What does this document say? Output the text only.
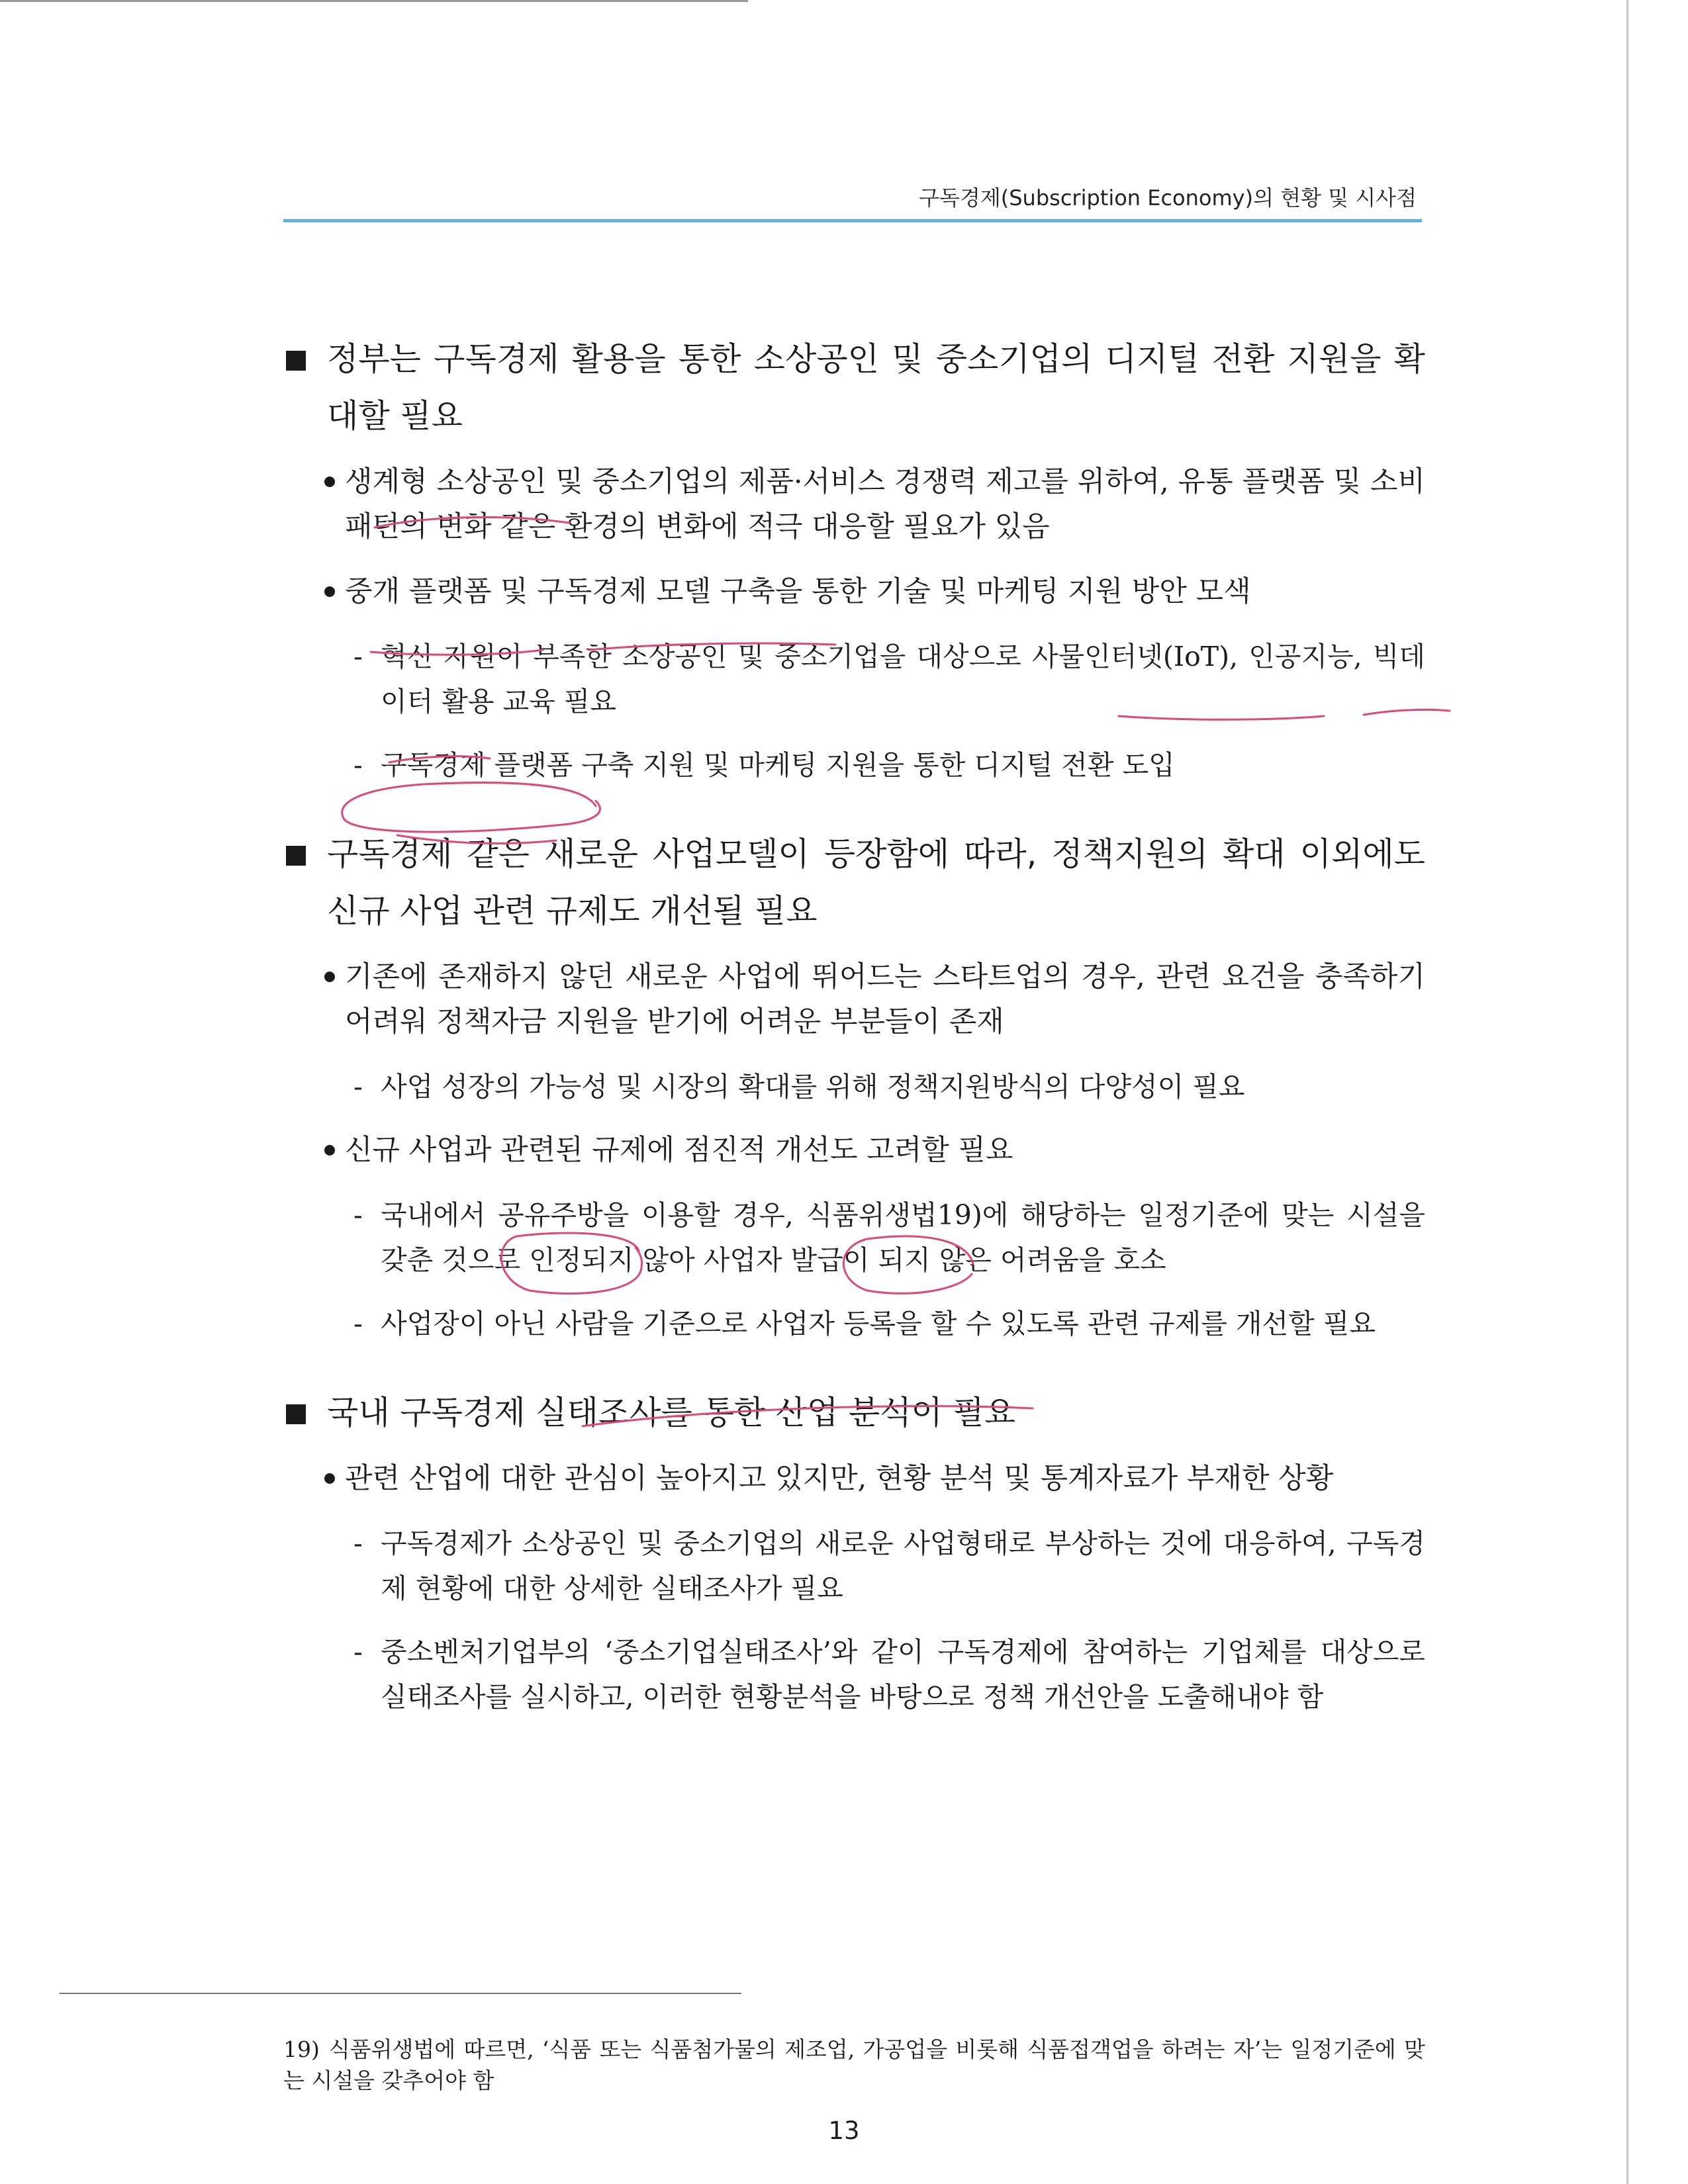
구독경제(Subscription Economy)의 현황 및 시사점

정부는 구독경제 활용을 통한 소상공인 및 중소기업의 디지털 전환 지원을 확대할 필요

생계형 소상공인 및 중소기업의 제품·서비스 경쟁력 제고를 위하여, 유통 플랫폼 및 소비패턴의 변화 같은 환경의 변화에 적극 대응할 필요가 있음

중개 플랫폼 및 구독경제 모델 구축을 통한 기술 및 마케팅 지원 방안 모색

- 혁신 자원이 부족한 소상공인 및 중소기업을 대상으로 사물인터넷(IoT), 인공지능, 빅데이터 활용 교육 필요

- 구독경제 플랫폼 구축 지원 및 마케팅 지원을 통한 디지털 전환 도입

구독경제 같은 새로운 사업모델이 등장함에 따라, 정책지원의 확대 이외에도 신규 사업 관련 규제도 개선될 필요

기존에 존재하지 않던 새로운 사업에 뛰어드는 스타트업의 경우, 관련 요건을 충족하기 어려워 정책자금 지원을 받기에 어려운 부분들이 존재

- 사업 성장의 가능성 및 시장의 확대를 위해 정책지원방식의 다양성이 필요

신규 사업과 관련된 규제에 점진적 개선도 고려할 필요

- 국내에서 공유주방을 이용할 경우, 식품위생법19)에 해당하는 일정기준에 맞는 시설을 갖춘 것으로 인정되지 않아 사업자 발급이 되지 않은 어려움을 호소

- 사업장이 아닌 사람을 기준으로 사업자 등록을 할 수 있도록 관련 규제를 개선할 필요

국내 구독경제 실태조사를 통한 산업 분석이 필요

관련 산업에 대한 관심이 높아지고 있지만, 현황 분석 및 통계자료가 부재한 상황

- 구독경제가 소상공인 및 중소기업의 새로운 사업형태로 부상하는 것에 대응하여, 구독경제 현황에 대한 상세한 실태조사가 필요

- 중소벤처기업부의 ‘중소기업실태조사’와 같이 구독경제에 참여하는 기업체를 대상으로 실태조사를 실시하고, 이러한 현황분석을 바탕으로 정책 개선안을 도출해내야 함

19) 식품위생법에 따르면, ‘식품 또는 식품첨가물의 제조업, 가공업을 비롯해 식품접객업을 하려는 자’는 일정기준에 맞는 시설을 갖추어야 함

13
